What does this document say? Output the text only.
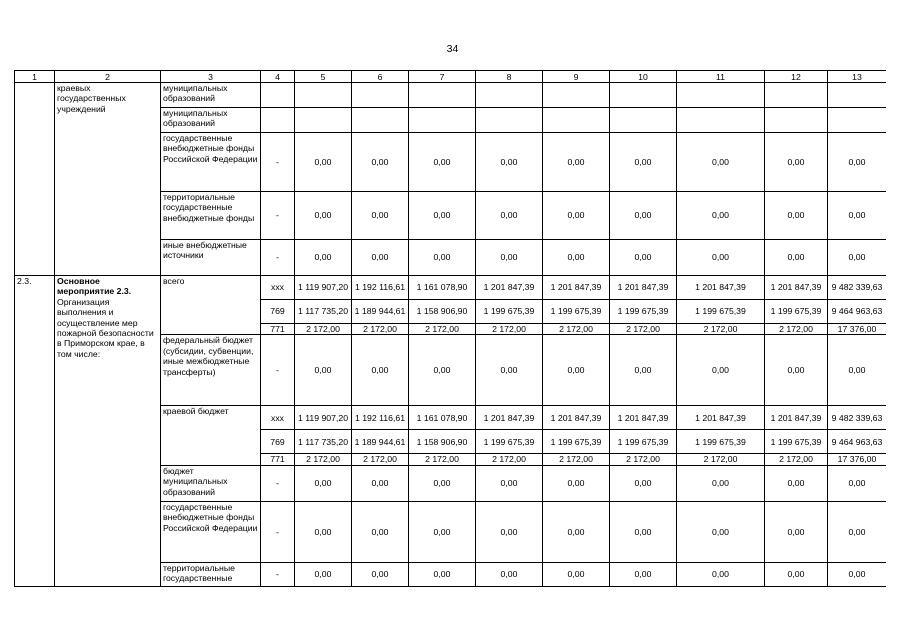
34
1	2	3	4	5	6	7	8	9	10	11	12	13
	краевых государственных учреждений	муниципальных образований										
		муниципальных образований										
		государственные внебюджетные фонды Российской Федерации	-	0,00	0,00	0,00	0,00	0,00	0,00	0,00	0,00	0,00
		территориальные государственные внебюджетные фонды	-	0,00	0,00	0,00	0,00	0,00	0,00	0,00	0,00	0,00
		иные внебюджетные источники	-	0,00	0,00	0,00	0,00	0,00	0,00	0,00	0,00	0,00
2.3.	Основное мероприятие 2.3.
Организация выполнения и осуществление мер пожарной безопасности в Приморском крае, в том числе:	всего	ххх	1 119 907,20	1 192 116,61	1 161 078,90	1 201 847,39	1 201 847,39	1 201 847,39	1 201 847,39	1 201 847,39	9 482 339,63
			769	1 117 735,20	1 189 944,61	1 158 906,90	1 199 675,39	1 199 675,39	1 199 675,39	1 199 675,39	1 199 675,39	9 464 963,63
			771	2 172,00	2 172,00	2 172,00	2 172,00	2 172,00	2 172,00	2 172,00	2 172,00	17 376,00
		федеральный бюджет (субсидии, субвенции, иные межбюджетные трансферты)	-	0,00	0,00	0,00	0,00	0,00	0,00	0,00	0,00	0,00
		краевой бюджет	ххх	1 119 907,20	1 192 116,61	1 161 078,90	1 201 847,39	1 201 847,39	1 201 847,39	1 201 847,39	1 201 847,39	9 482 339,63
			769	1 117 735,20	1 189 944,61	1 158 906,90	1 199 675,39	1 199 675,39	1 199 675,39	1 199 675,39	1 199 675,39	9 464 963,63
			771	2 172,00	2 172,00	2 172,00	2 172,00	2 172,00	2 172,00	2 172,00	2 172,00	17 376,00
		бюджет муниципальных образований	-	0,00	0,00	0,00	0,00	0,00	0,00	0,00	0,00	0,00
		государственные внебюджетные фонды Российской Федерации	-	0,00	0,00	0,00	0,00	0,00	0,00	0,00	0,00	0,00
		территориальные государственные	-	0,00	0,00	0,00	0,00	0,00	0,00	0,00	0,00	0,00
